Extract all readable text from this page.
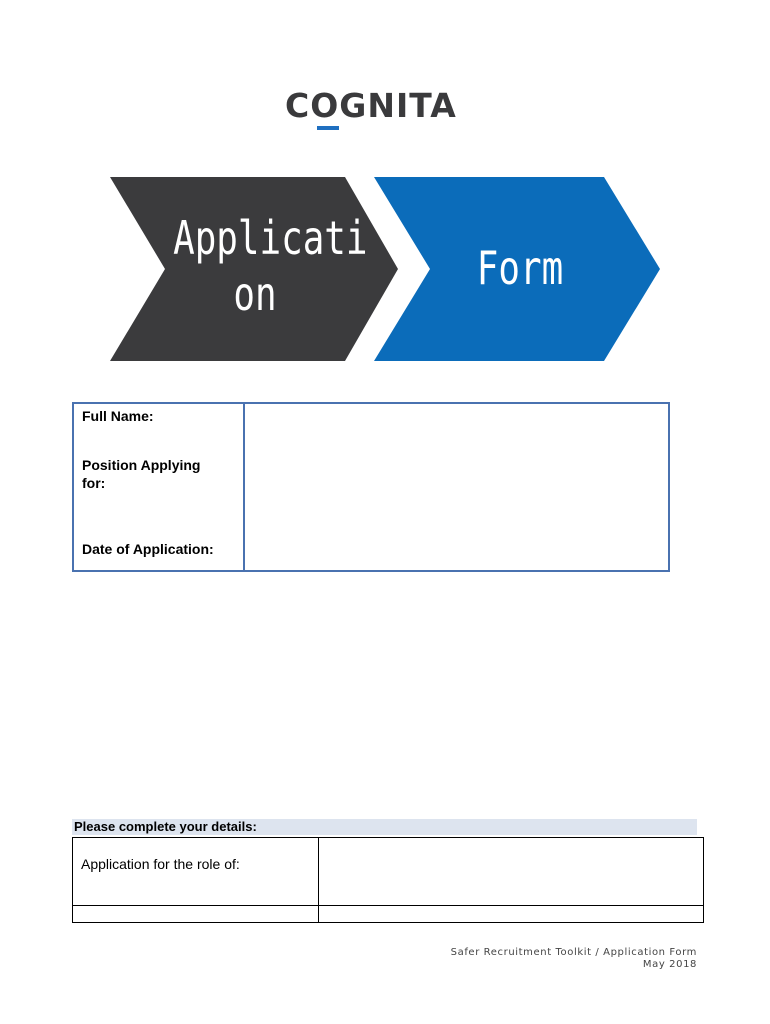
COGNITA
Applicati
on	Form
Full Name:
Position Applying
for:
Date of Application:
Please complete your details:
Application for the role of:
Safer Recruitment Toolkit / Application Form
May 2018
